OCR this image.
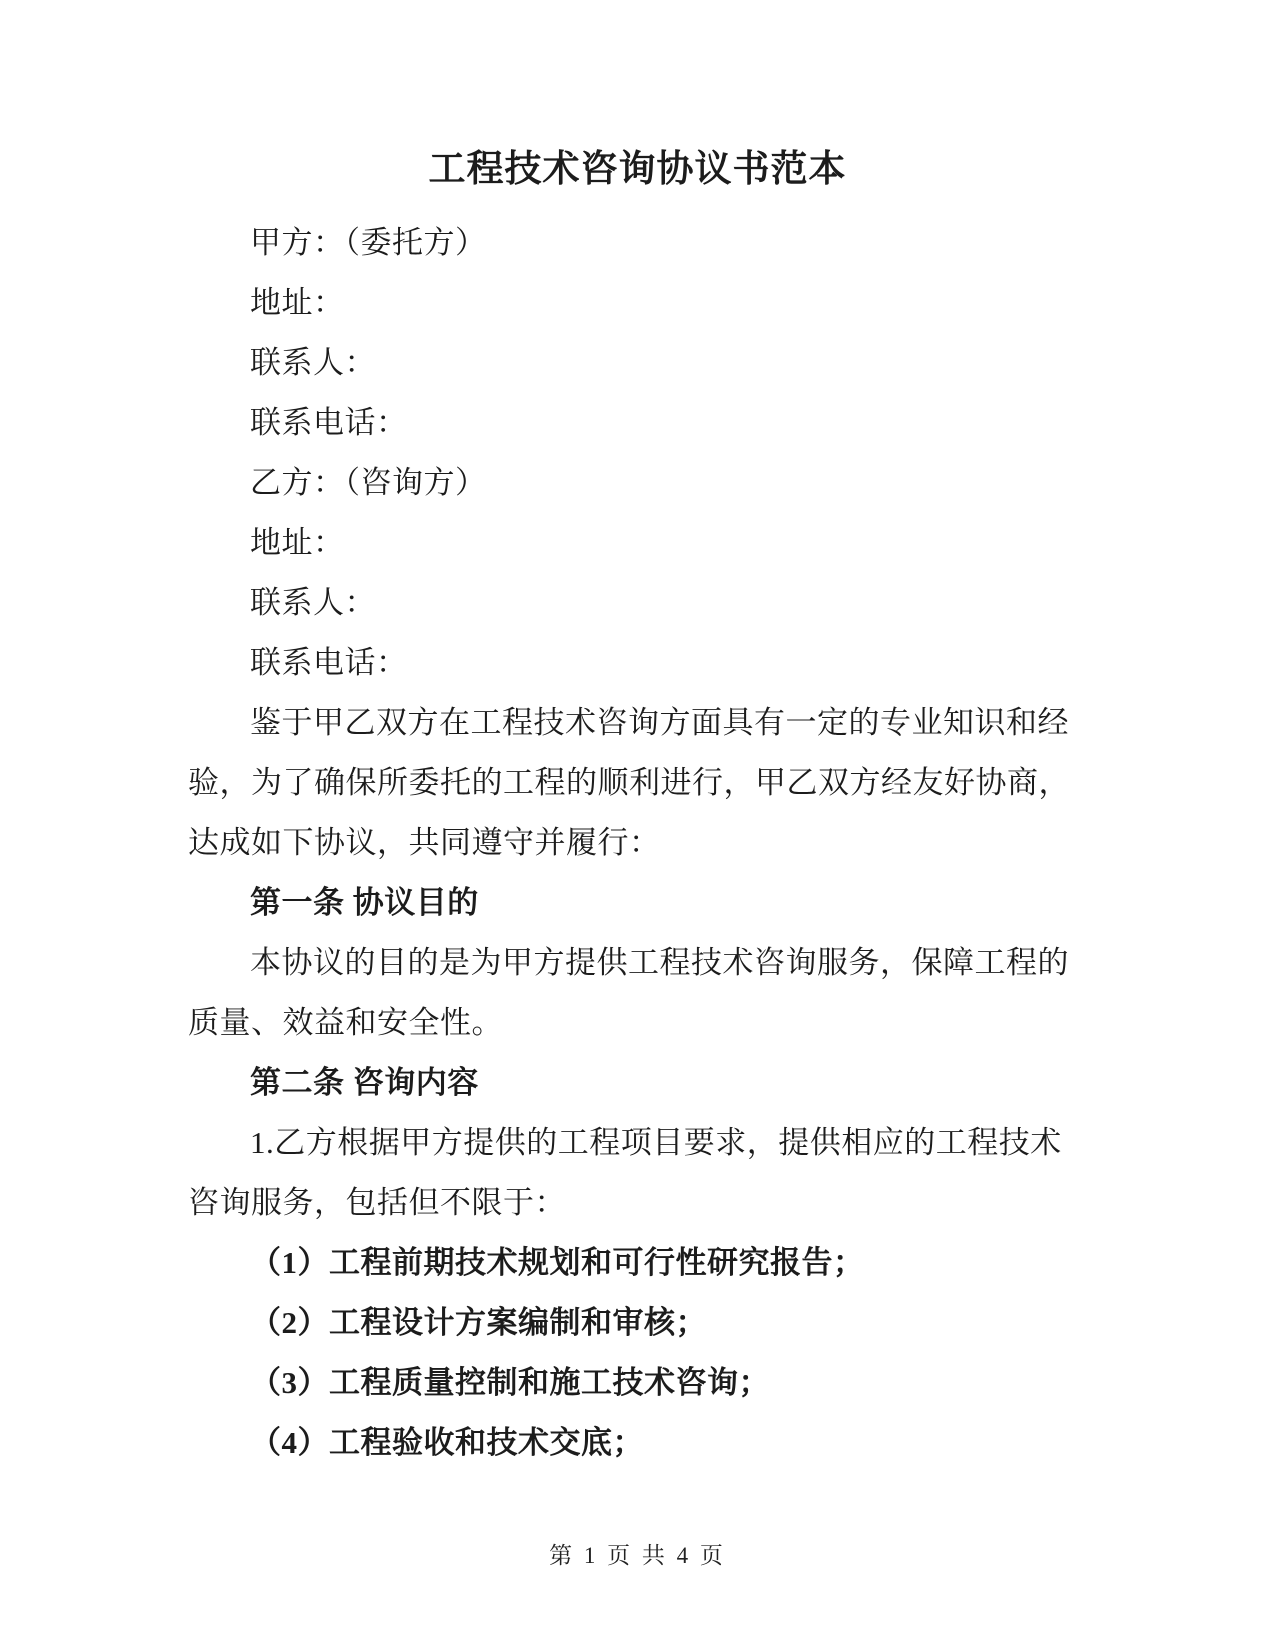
工程技术咨询协议书范本

甲方：（委托方）

地址：

联系人：

联系电话：

乙方：（咨询方）

地址：

联系人：

联系电话：

鉴于甲乙双方在工程技术咨询方面具有一定的专业知识和经

验，为了确保所委托的工程的顺利进行，甲乙双方经友好协商，

达成如下协议，共同遵守并履行：

第一条 协议目的

本协议的目的是为甲方提供工程技术咨询服务，保障工程的

质量、效益和安全性。

第二条 咨询内容

1.乙方根据甲方提供的工程项目要求，提供相应的工程技术

咨询服务，包括但不限于：

（1）工程前期技术规划和可行性研究报告；

（2）工程设计方案编制和审核；

（3）工程质量控制和施工技术咨询；

（4）工程验收和技术交底；

第 1 页 共 4 页
